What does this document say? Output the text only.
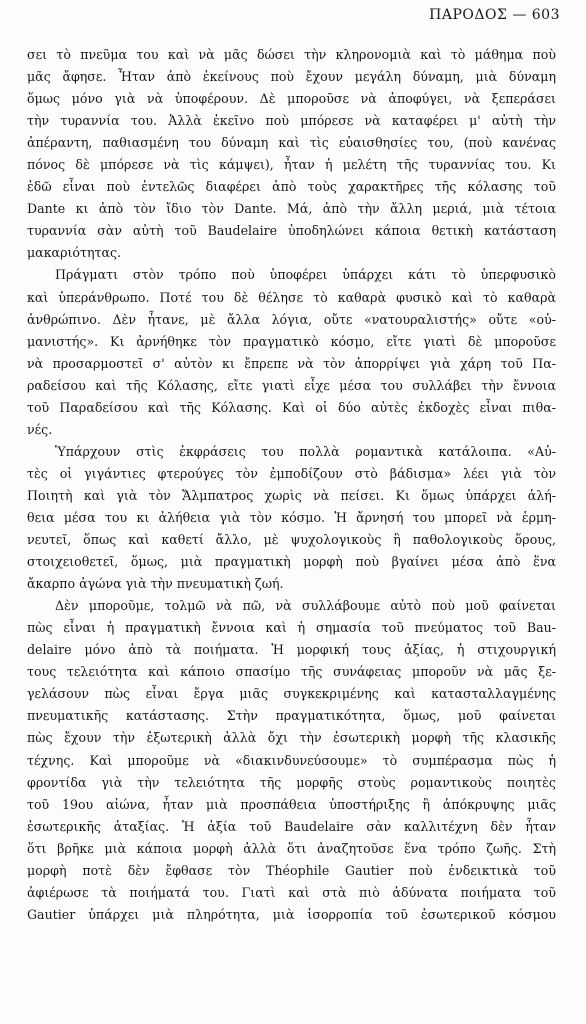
ΠΑΡΟΔΟΣ — 603
σει τὸ πνεῦμα του καὶ νὰ μᾶς δώσει τὴν κληρονομιὰ καὶ τὸ μάθημα ποὺ
μᾶς ἄφησε. Ἦταν ἀπὸ ἐκείνους ποὺ ἔχουν μεγάλη δύναμη, μιὰ δύναμη
ὅμως μόνο γιὰ νὰ ὑποφέρουν. Δὲ μποροῦσε νὰ ἀποφύγει, νὰ ξεπεράσει
τὴν τυραννία του. Ἀλλὰ ἐκεῖνο ποὺ μπόρεσε νὰ καταφέρει μ' αὐτὴ τὴν
ἀπέραντη, παθιασμένη του δύναμη καὶ τὶς εὐαισθησίες του, (ποὺ κανένας
πόνος δὲ μπόρεσε νὰ τὶς κάμψει), ἦταν ἡ μελέτη τῆς τυραννίας του. Κι
ἐδῶ εἶναι ποὺ ἐντελῶς διαφέρει ἀπὸ τοὺς χαρακτῆρες τῆς κόλασης τοῦ
Dante κι ἀπὸ τὸν ἴδιο τὸν Dante. Μά, ἀπὸ τὴν ἄλλη μεριά, μιὰ τέτοια
τυραννία σὰν αὐτὴ τοῦ Baudelaire ὑποδηλώνει κάποια θετικὴ κατάσταση
μακαριότητας.
Πράγματι στὸν τρόπο ποὺ ὑποφέρει ὑπάρχει κάτι τὸ ὑπερφυσικὸ
καὶ ὑπεράνθρωπο. Ποτέ του δὲ θέλησε τὸ καθαρὰ φυσικὸ καὶ τὸ καθαρὰ
ἀνθρώπινο. Δὲν ἦτανε, μὲ ἄλλα λόγια, οὔτε «νατουραλιστής» οὔτε «οὐ-
μανιστής». Κι ἀρνήθηκε τὸν πραγματικὸ κόσμο, εἴτε γιατὶ δὲ μποροῦσε
νὰ προσαρμοστεῖ σ' αὐτὸν κι ἔπρεπε νὰ τὸν ἀπορρίψει γιὰ χάρη τοῦ Πα-
ραδείσου καὶ τῆς Κόλασης, εἴτε γιατὶ εἶχε μέσα του συλλάβει τὴν ἔννοια
τοῦ Παραδείσου καὶ τῆς Κόλασης. Καὶ οἱ δύο αὐτὲς ἐκδοχὲς εἶναι πιθα-
νές.
Ὑπάρχουν στὶς ἐκφράσεις του πολλὰ ρομαντικὰ κατάλοιπα. «Αὐ-
τὲς οἱ γιγάντιες φτερούγες τὸν ἐμποδίζουν στὸ βάδισμα» λέει γιὰ τὸν
Ποιητὴ καὶ γιὰ τὸν Ἄλμπατρος χωρὶς νὰ πείσει. Κι ὅμως ὑπάρχει ἀλή-
θεια μέσα του κι ἀλήθεια γιὰ τὸν κόσμο. Ἡ ἄρνησή του μπορεῖ νὰ ἑρμη-
νευτεῖ, ὅπως καὶ καθετί ἄλλο, μὲ ψυχολογικοὺς ἢ παθολογικοὺς ὅρους,
στοιχειοθετεῖ, ὅμως, μιὰ πραγματικὴ μορφὴ ποὺ βγαίνει μέσα ἀπὸ ἕνα
ἄκαρπο ἀγώνα γιὰ τὴν πνευματικὴ ζωή.
Δὲν μποροῦμε, τολμῶ νὰ πῶ, νὰ συλλάβουμε αὐτὸ ποὺ μοῦ φαίνεται
πὼς εἶναι ἡ πραγματικὴ ἔννοια καὶ ἡ σημασία τοῦ πνεύματος τοῦ Bau-
delaire μόνο ἀπὸ τὰ ποιήματα. Ἡ μορφική τους ἀξίας, ἡ στιχουργική
τους τελειότητα καὶ κάποιο σπασίμο τῆς συνάφειας μποροῦν νὰ μᾶς ξε-
γελάσουν πὼς εἶναι ἔργα μιᾶς συγκεκριμένης καὶ κατασταλλαγμένης
πνευματικῆς κατάστασης. Στὴν πραγματικότητα, ὅμως, μοῦ φαίνεται
πὼς ἔχουν τὴν ἐξωτερικὴ ἀλλὰ ὄχι τὴν ἐσωτερικὴ μορφὴ τῆς κλασικῆς
τέχνης. Καὶ μποροῦμε νὰ «διακινδυνεύσουμε» τὸ συμπέρασμα πὼς ἡ
φροντίδα γιὰ τὴν τελειότητα τῆς μορφῆς στοὺς ρομαντικοὺς ποιητὲς
τοῦ 19ου αἰώνα, ἦταν μιὰ προσπάθεια ὑποστήριξης ἢ ἀπόκρυψης μιᾶς
ἐσωτερικῆς ἀταξίας. Ἡ ἀξία τοῦ Baudelaire σὰν καλλιτέχνη δὲν ἦταν
ὅτι βρῆκε μιὰ κάποια μορφὴ ἀλλὰ ὅτι ἀναζητοῦσε ἕνα τρόπο ζωῆς. Στὴ
μορφὴ ποτὲ δὲν ἔφθασε τὸν Théophile Gautier ποὺ ἐνδεικτικὰ τοῦ
ἀφιέρωσε τὰ ποιήματά του. Γιατὶ καὶ στὰ πιὸ ἀδύνατα ποιήματα τοῦ
Gautier ὑπάρχει μιὰ πληρότητα, μιὰ ἰσορροπία τοῦ ἐσωτερικοῦ κόσμου
